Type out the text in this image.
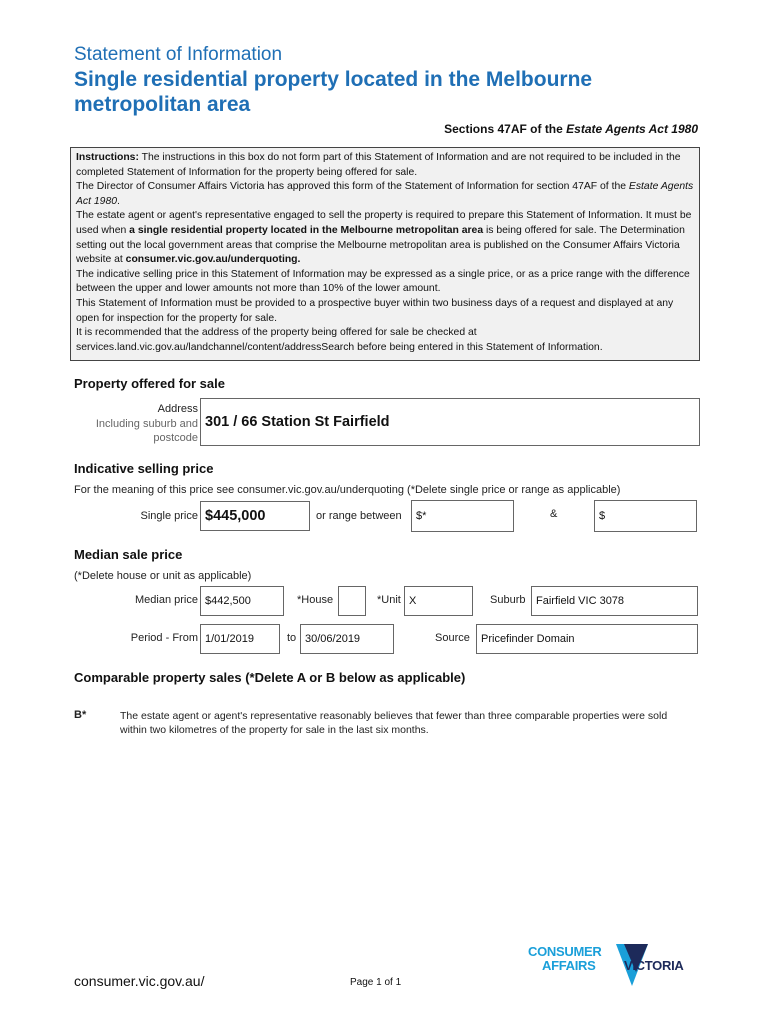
Statement of Information
Single residential property located in the Melbourne metropolitan area
Sections 47AF of the Estate Agents Act 1980

Instructions: The instructions in this box do not form part of this Statement of Information and are not required to be included in the completed Statement of Information for the property being offered for sale.

The Director of Consumer Affairs Victoria has approved this form of the Statement of Information for section 47AF of the Estate Agents Act 1980.

The estate agent or agent's representative engaged to sell the property is required to prepare this Statement of Information. It must be used when a single residential property located in the Melbourne metropolitan area is being offered for sale. The Determination setting out the local government areas that comprise the Melbourne metropolitan area is published on the Consumer Affairs Victoria website at consumer.vic.gov.au/underquoting.

The indicative selling price in this Statement of Information may be expressed as a single price, or as a price range with the difference between the upper and lower amounts not more than 10% of the lower amount.

This Statement of Information must be provided to a prospective buyer within two business days of a request and displayed at any open for inspection for the property for sale.

It is recommended that the address of the property being offered for sale be checked at services.land.vic.gov.au/landchannel/content/addressSearch before being entered in this Statement of Information.

Property offered for sale
Address
Including suburb and
postcode
301 / 66 Station St Fairfield
Indicative selling price
For the meaning of this price see consumer.vic.gov.au/underquoting (*Delete single price or range as applicable)
Single price $445,000	or range between	$*	&	$
Median sale price
(*Delete house or unit as applicable)
Median price $442,500	*House	*Unit X	Suburb Fairfield VIC 3078
Period - From 1/01/2019	to 30/06/2019	Source	Pricefinder Domain
Comparable property sales (*Delete A or B below as applicable)
B*	The estate agent or agent's representative reasonably believes that fewer than three comparable properties were sold within two kilometres of the property for sale in the last six months.
consumer.vic.gov.au/	Page 1 of 1
CONSUMER
AFFAIRS VICTORIA
